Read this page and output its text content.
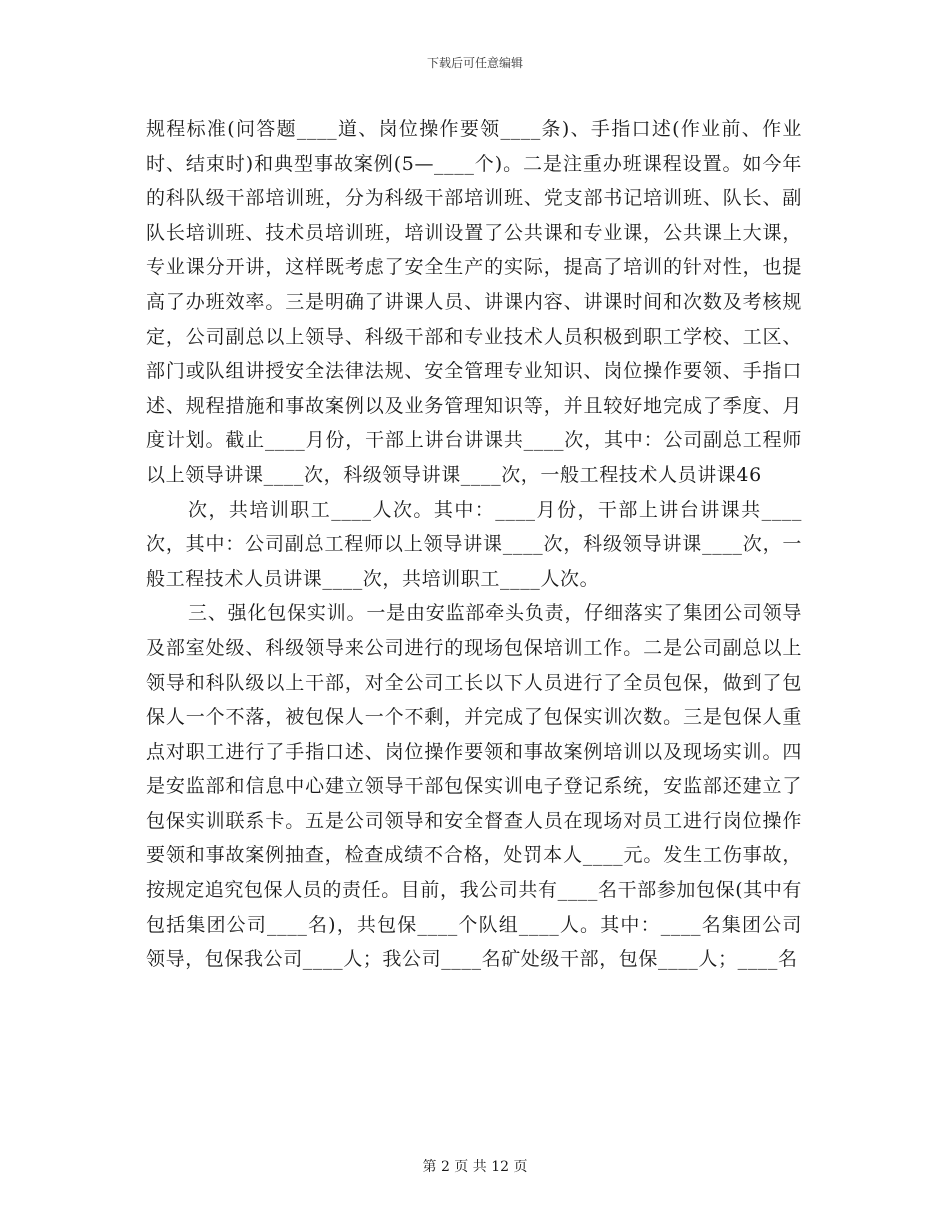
下载后可任意编辑

规程标准(问答题____道、岗位操作要领____条)、手指口述(作业前、作业时、结束时)和典型事故案例(5—____个)。二是注重办班课程设置。如今年的科队级干部培训班，分为科级干部培训班、党支部书记培训班、队长、副队长培训班、技术员培训班，培训设置了公共课和专业课，公共课上大课，专业课分开讲，这样既考虑了安全生产的实际，提高了培训的针对性，也提高了办班效率。三是明确了讲课人员、讲课内容、讲课时间和次数及考核规定，公司副总以上领导、科级干部和专业技术人员积极到职工学校、工区、部门或队组讲授安全法律法规、安全管理专业知识、岗位操作要领、手指口述、规程措施和事故案例以及业务管理知识等，并且较好地完成了季度、月度计划。截止____月份，干部上讲台讲课共____次，其中：公司副总工程师以上领导讲课____次，科级领导讲课____次，一般工程技术人员讲课46

次，共培训职工____人次。其中：____月份，干部上讲台讲课共____次，其中：公司副总工程师以上领导讲课____次，科级领导讲课____次，一般工程技术人员讲课____次，共培训职工____人次。

三、强化包保实训。一是由安监部牵头负责，仔细落实了集团公司领导及部室处级、科级领导来公司进行的现场包保培训工作。二是公司副总以上领导和科队级以上干部，对全公司工长以下人员进行了全员包保，做到了包保人一个不落，被包保人一个不剩，并完成了包保实训次数。三是包保人重点对职工进行了手指口述、岗位操作要领和事故案例培训以及现场实训。四是安监部和信息中心建立领导干部包保实训电子登记系统，安监部还建立了包保实训联系卡。五是公司领导和安全督查人员在现场对员工进行岗位操作要领和事故案例抽查，检查成绩不合格，处罚本人____元。发生工伤事故，按规定追究包保人员的责任。目前，我公司共有____名干部参加包保(其中有包括集团公司____名)，共包保____个队组____人。其中：____名集团公司领导，包保我公司____人；我公司____名矿处级干部，包保____人；____名

第 2 页 共 12 页
